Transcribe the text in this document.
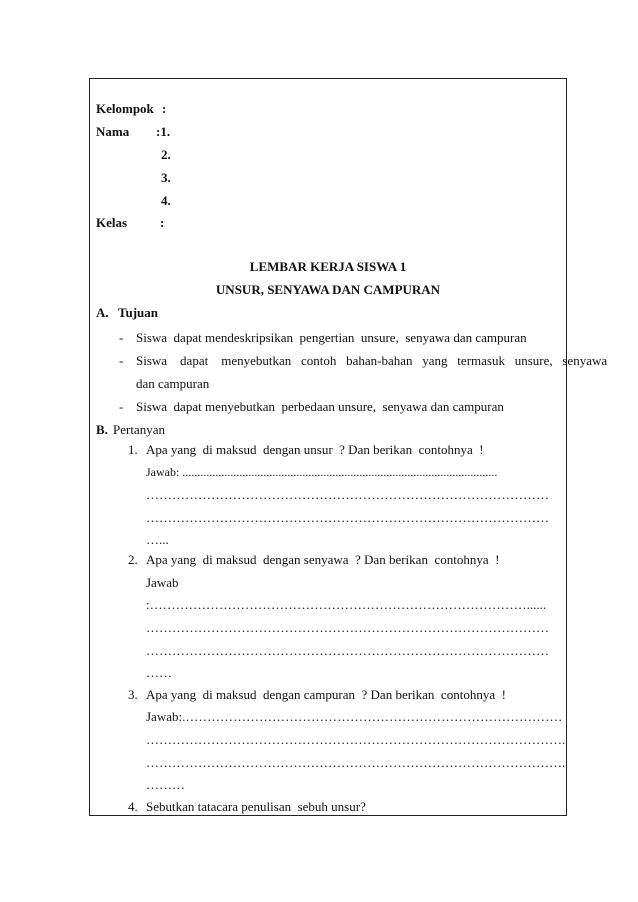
Kelompok :
Nama :1.
2.
3.
4.
Kelas	:
LEMBAR KERJA SISWA 1
UNSUR, SENYAWA DAN CAMPURAN
A. Tujuan
- Siswa  dapat mendeskripsikan  pengertian  unsure,  senyawa dan campuran
- Siswa    dapat    menyebutkan   contoh   bahan-bahan   yang   termasuk   unsure,   senyawa
dan campuran
- Siswa  dapat menyebutkan  perbedaan unsure,  senyawa dan campuran
B. Pertanyan
1. Apa yang  di maksud  dengan unsur  ? Dan berikan  contohnya  !
Jawab: .........................................................................................................
…………………………………………………………………………………
…………………………………………………………………………………
…...
2. Apa yang  di maksud  dengan senyawa  ? Dan berikan  contohnya  !
Jawab
:……………………………………………………………………………......
…………………………………………………………………………………
…………………………………………………………………………………
……
3. Apa yang  di maksud  dengan campuran  ? Dan berikan  contohnya  !
Jawab:.……………………………………………………………………………
…………………………………………………………………………………….
…………………………………………………………………………………….
………
4. Sebutkan tatacara penulisan  sebuh unsur?
